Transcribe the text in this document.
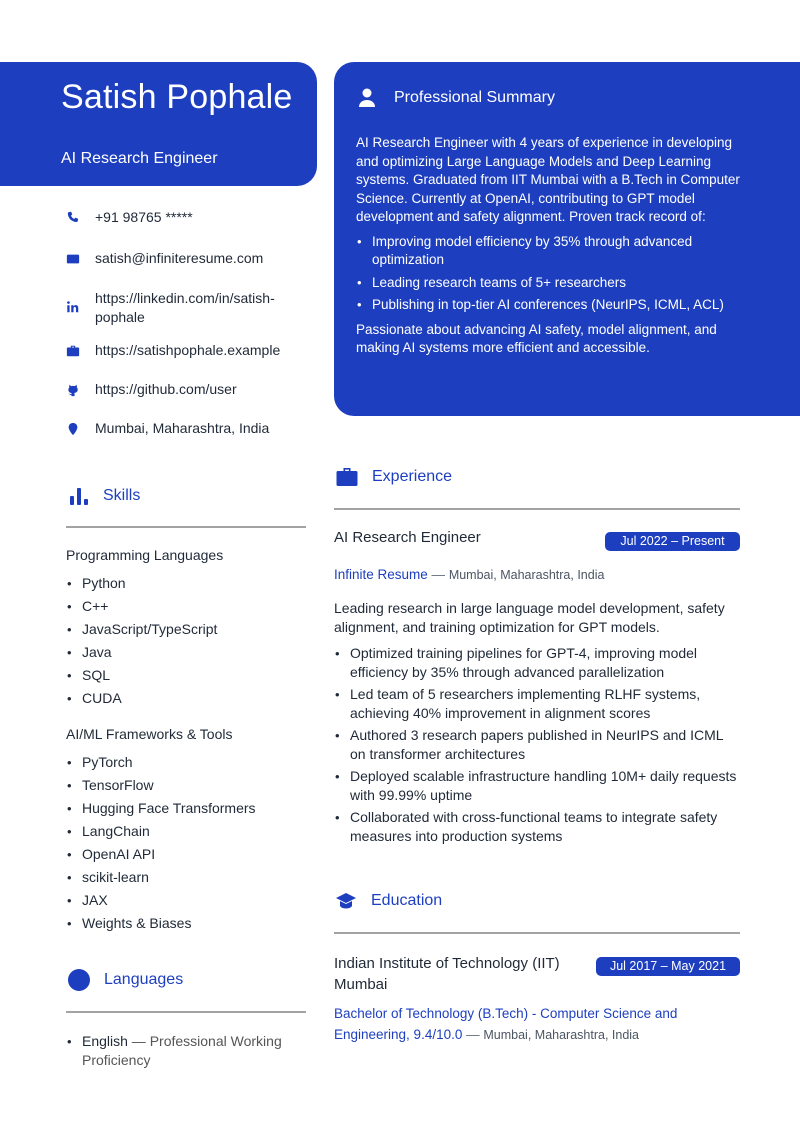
Satish Pophale
AI Research Engineer
+91 98765 *****
satish@infiniteresume.com
https://linkedin.com/in/satish-pophale
https://satishpophale.example
https://github.com/user
Mumbai, Maharashtra, India
Skills
Programming Languages
• Python
• C++
• JavaScript/TypeScript
• Java
• SQL
• CUDA
AI/ML Frameworks & Tools
• PyTorch
• TensorFlow
• Hugging Face Transformers
• LangChain
• OpenAI API
• scikit-learn
• JAX
• Weights & Biases
Languages
• English — Professional Working Proficiency
Professional Summary

AI Research Engineer with 4 years of experience in developing and optimizing Large Language Models and Deep Learning systems. Graduated from IIT Mumbai with a B.Tech in Computer Science. Currently at OpenAI, contributing to GPT model development and safety alignment. Proven track record of:

• Improving model efficiency by 35% through advanced optimization
• Leading research teams of 5+ researchers
• Publishing in top-tier AI conferences (NeurIPS, ICML, ACL)

Passionate about advancing AI safety, model alignment, and making AI systems more efficient and accessible.

Experience
AI Research Engineer	Jul 2022 – Present
Infinite Resume — Mumbai, Maharashtra, India

Leading research in large language model development, safety alignment, and training optimization for GPT models.

• Optimized training pipelines for GPT-4, improving model efficiency by 35% through advanced parallelization
• Led team of 5 researchers implementing RLHF systems, achieving 40% improvement in alignment scores
• Authored 3 research papers published in NeurIPS and ICML on transformer architectures
• Deployed scalable infrastructure handling 10M+ daily requests with 99.99% uptime
• Collaborated with cross-functional teams to integrate safety measures into production systems
Education
Indian Institute of Technology (IIT) Mumbai
Jul 2017 – May 2021
Bachelor of Technology (B.Tech) - Computer Science and Engineering, 9.4/10.0 — Mumbai, Maharashtra, India
